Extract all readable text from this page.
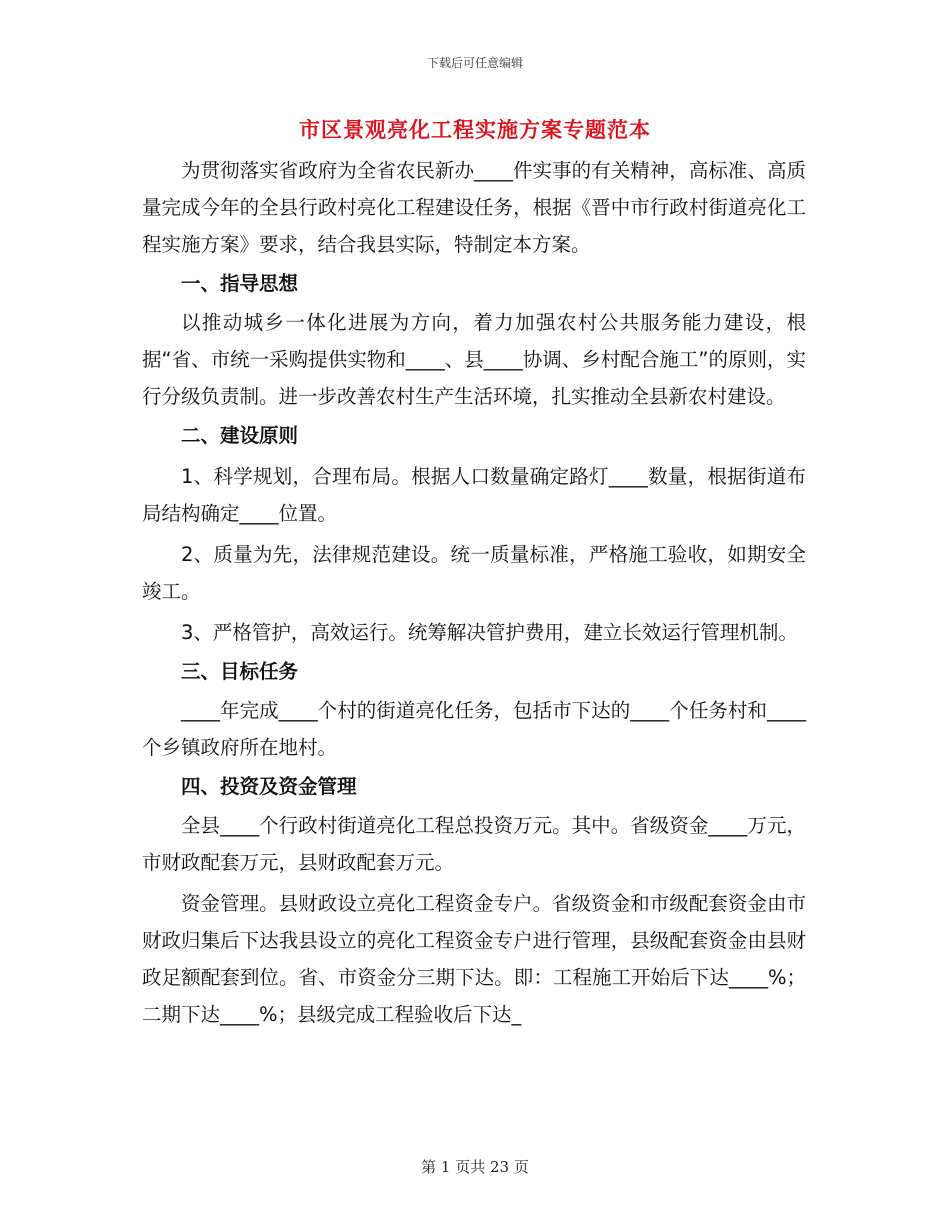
下载后可任意编辑
市区景观亮化工程实施方案专题范本

为贯彻落实省政府为全省农民新办____件实事的有关精神，高标准、高质量完成今年的全县行政村亮化工程建设任务，根据《晋中市行政村街道亮化工程实施方案》要求，结合我县实际，特制定本方案。

一、指导思想

以推动城乡一体化进展为方向，着力加强农村公共服务能力建设，根据“省、市统一采购提供实物和____、县____协调、乡村配合施工”的原则，实行分级负责制。进一步改善农村生产生活环境，扎实推动全县新农村建设。

二、建设原则

1、科学规划，合理布局。根据人口数量确定路灯____数量，根据街道布局结构确定____位置。

2、质量为先，法律规范建设。统一质量标准，严格施工验收，如期安全竣工。

3、严格管护，高效运行。统筹解决管护费用，建立长效运行管理机制。

三、目标任务

____年完成____个村的街道亮化任务，包括市下达的____个任务村和____个乡镇政府所在地村。

四、投资及资金管理

全县____个行政村街道亮化工程总投资万元。其中。省级资金____万元，市财政配套万元，县财政配套万元。

资金管理。县财政设立亮化工程资金专户。省级资金和市级配套资金由市财政归集后下达我县设立的亮化工程资金专户进行管理，县级配套资金由县财政足额配套到位。省、市资金分三期下达。即：工程施工开始后下达____%；二期下达____%；县级完成工程验收后下达_

第 1 页共 23 页
